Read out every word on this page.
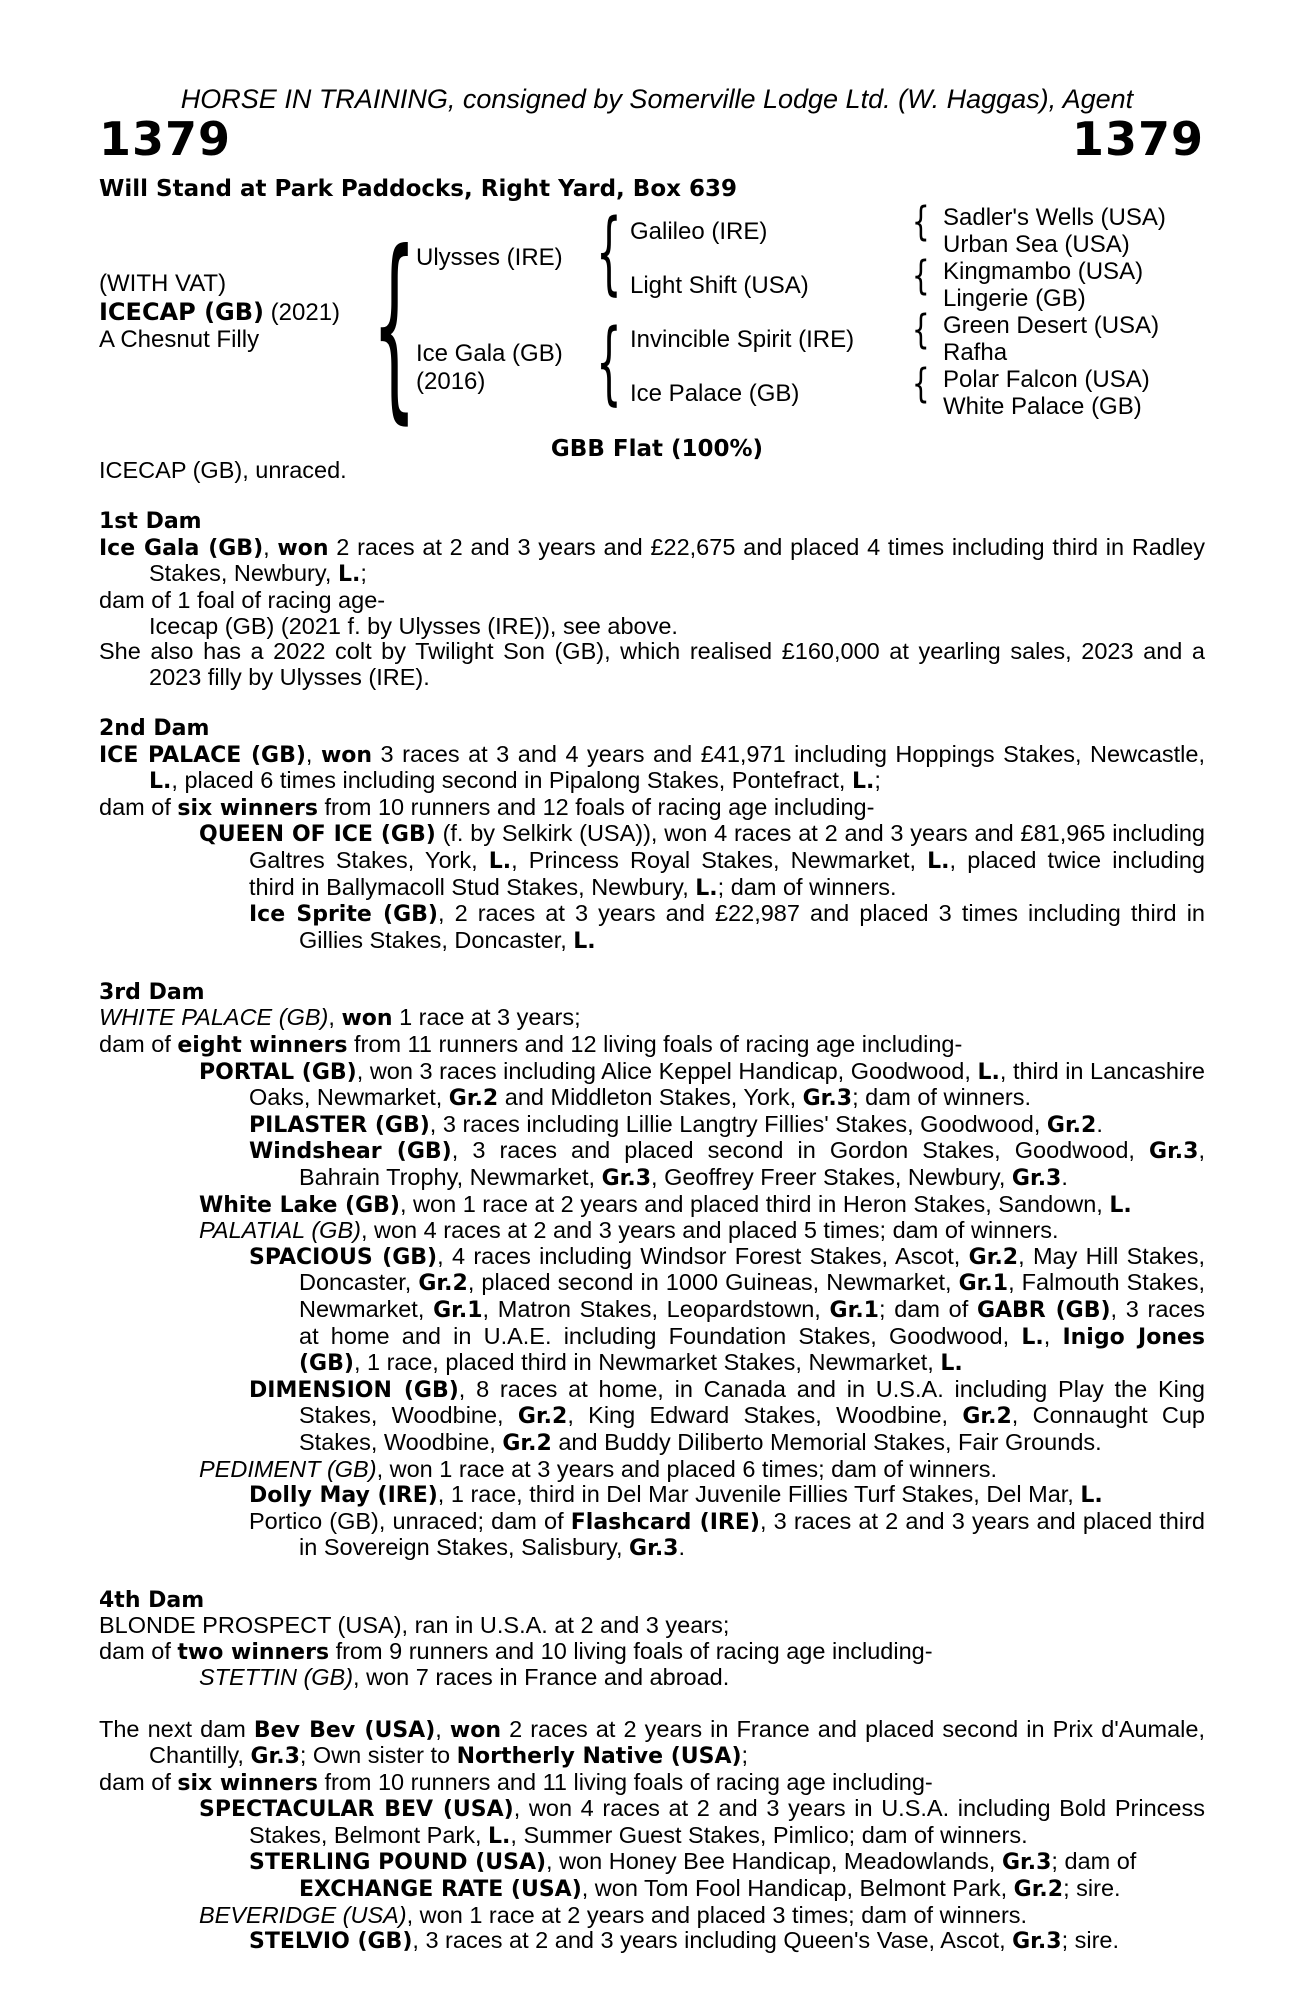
HORSE IN TRAINING, consigned by Somerville Lodge Ltd. (W. Haggas), Agent
1379	1379
Will Stand at Park Paddocks, Right Yard, Box 639
(WITH VAT)
ICECAP (GB) (2021)
A Chesnut Filly { Ulysses (IRE)
Ice Gala (GB)
(2016)
{
{
Galileo (IRE)
Light Shift (USA)
Invincible Spirit (IRE)
Ice Palace (GB)
{
{
{
{
Sadler's Wells (USA)
Urban Sea (USA)
Kingmambo (USA)
Lingerie (GB)
Green Desert (USA)
Rafha
Polar Falcon (USA)
White Palace (GB)
GBB Flat (100%)

ICECAP (GB), unraced.

1st Dam

Ice Gala (GB), won 2 races at 2 and 3 years and £22,675 and placed 4 times including third in Radley Stakes, Newbury, L.;

dam of 1 foal of racing age-

Icecap (GB) (2021 f. by Ulysses (IRE)), see above.

She also has a 2022 colt by Twilight Son (GB), which realised £160,000 at yearling sales, 2023 and a 2023 filly by Ulysses (IRE).

2nd Dam

ICE PALACE (GB), won 3 races at 3 and 4 years and £41,971 including Hoppings Stakes, Newcastle, L., placed 6 times including second in Pipalong Stakes, Pontefract, L.;

dam of six winners from 10 runners and 12 foals of racing age including-

QUEEN OF ICE (GB) (f. by Selkirk (USA)), won 4 races at 2 and 3 years and £81,965 including Galtres Stakes, York, L., Princess Royal Stakes, Newmarket, L., placed twice including third in Ballymacoll Stud Stakes, Newbury, L.; dam of winners.

Ice Sprite (GB), 2 races at 3 years and £22,987 and placed 3 times including third in Gillies Stakes, Doncaster, L.

3rd Dam

WHITE PALACE (GB), won 1 race at 3 years;

dam of eight winners from 11 runners and 12 living foals of racing age including-

PORTAL (GB), won 3 races including Alice Keppel Handicap, Goodwood, L., third in Lancashire Oaks, Newmarket, Gr.2 and Middleton Stakes, York, Gr.3; dam of winners.

PILASTER (GB), 3 races including Lillie Langtry Fillies' Stakes, Goodwood, Gr.2.

Windshear (GB), 3 races and placed second in Gordon Stakes, Goodwood, Gr.3, Bahrain Trophy, Newmarket, Gr.3, Geoffrey Freer Stakes, Newbury, Gr.3.

White Lake (GB), won 1 race at 2 years and placed third in Heron Stakes, Sandown, L.

PALATIAL (GB), won 4 races at 2 and 3 years and placed 5 times; dam of winners.

SPACIOUS (GB), 4 races including Windsor Forest Stakes, Ascot, Gr.2, May Hill Stakes, Doncaster, Gr.2, placed second in 1000 Guineas, Newmarket, Gr.1, Falmouth Stakes, Newmarket, Gr.1, Matron Stakes, Leopardstown, Gr.1; dam of GABR (GB), 3 races at home and in U.A.E. including Foundation Stakes, Goodwood, L., Inigo Jones (GB), 1 race, placed third in Newmarket Stakes, Newmarket, L.

DIMENSION (GB), 8 races at home, in Canada and in U.S.A. including Play the King Stakes, Woodbine, Gr.2, King Edward Stakes, Woodbine, Gr.2, Connaught Cup Stakes, Woodbine, Gr.2 and Buddy Diliberto Memorial Stakes, Fair Grounds.

PEDIMENT (GB), won 1 race at 3 years and placed 6 times; dam of winners.

Dolly May (IRE), 1 race, third in Del Mar Juvenile Fillies Turf Stakes, Del Mar, L.

Portico (GB), unraced; dam of Flashcard (IRE), 3 races at 2 and 3 years and placed third in Sovereign Stakes, Salisbury, Gr.3.

4th Dam

BLONDE PROSPECT (USA), ran in U.S.A. at 2 and 3 years;

dam of two winners from 9 runners and 10 living foals of racing age including-

STETTIN (GB), won 7 races in France and abroad.

The next dam Bev Bev (USA), won 2 races at 2 years in France and placed second in Prix d'Aumale, Chantilly, Gr.3; Own sister to Northerly Native (USA);

dam of six winners from 10 runners and 11 living foals of racing age including-

SPECTACULAR BEV (USA), won 4 races at 2 and 3 years in U.S.A. including Bold Princess Stakes, Belmont Park, L., Summer Guest Stakes, Pimlico; dam of winners.

STERLING POUND (USA), won Honey Bee Handicap, Meadowlands, Gr.3; dam of

EXCHANGE RATE (USA), won Tom Fool Handicap, Belmont Park, Gr.2; sire.

BEVERIDGE (USA), won 1 race at 2 years and placed 3 times; dam of winners.

STELVIO (GB), 3 races at 2 and 3 years including Queen's Vase, Ascot, Gr.3; sire.
